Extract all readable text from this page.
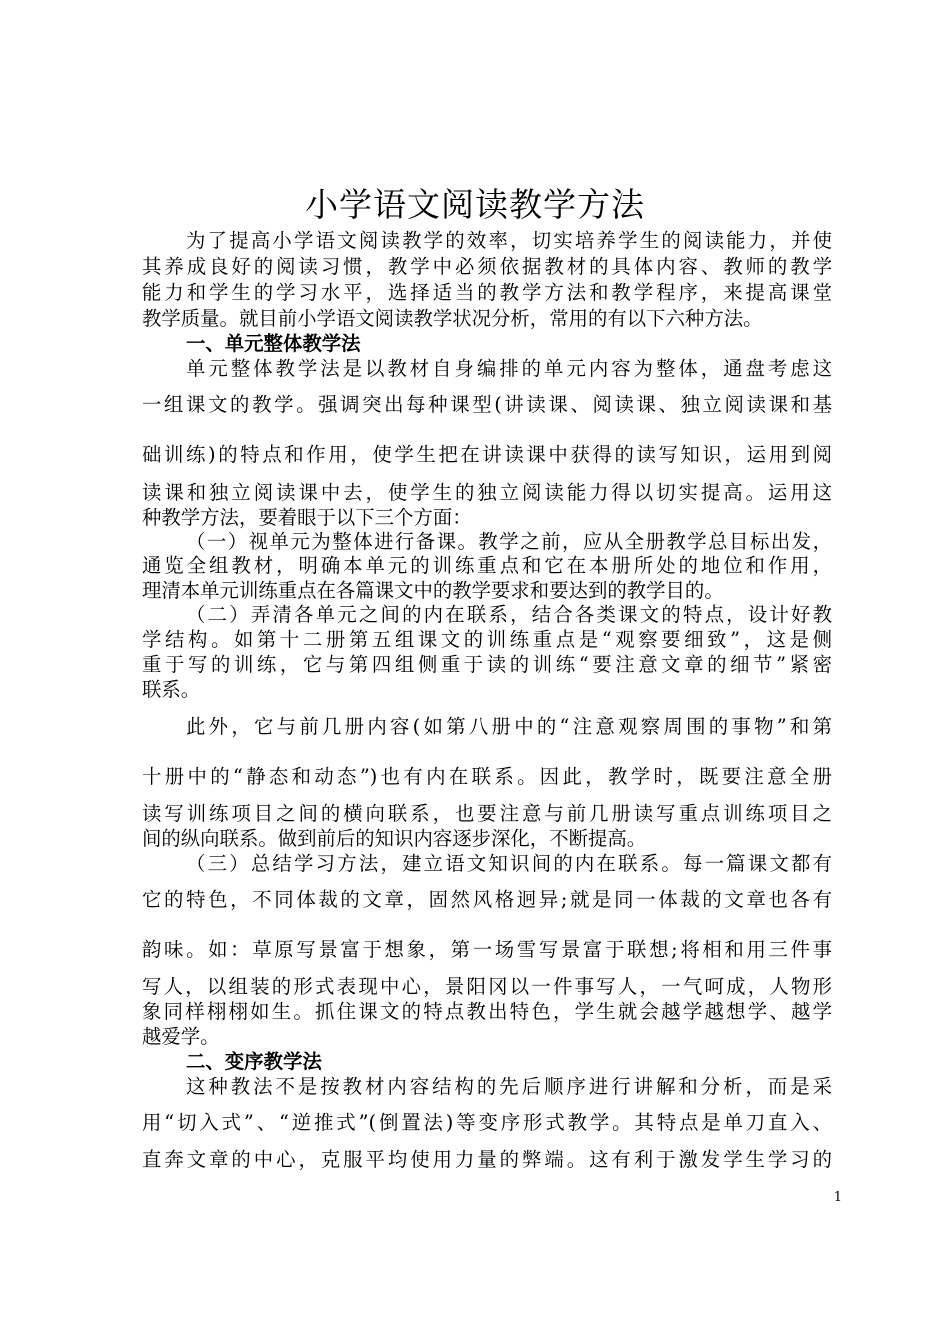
小学语文阅读教学方法
为了提高小学语文阅读教学的效率，切实培养学生的阅读能力，并使
其养成良好的阅读习惯，教学中必须依据教材的具体内容、教师的教学
能力和学生的学习水平，选择适当的教学方法和教学程序，来提高课堂
教学质量。就目前小学语文阅读教学状况分析，常用的有以下六种方法。
一、单元整体教学法
单元整体教学法是以教材自身编排的单元内容为整体，通盘考虑这
一组课文的教学。强调突出每种课型(讲读课、阅读课、独立阅读课和基
础训练)的特点和作用，使学生把在讲读课中获得的读写知识，运用到阅
读课和独立阅读课中去，使学生的独立阅读能力得以切实提高。运用这
种教学方法，要着眼于以下三个方面：
（一）视单元为整体进行备课。教学之前，应从全册教学总目标出发，
通览全组教材，明确本单元的训练重点和它在本册所处的地位和作用，
理清本单元训练重点在各篇课文中的教学要求和要达到的教学目的。
（二）弄清各单元之间的内在联系，结合各类课文的特点，设计好教
学结构。如第十二册第五组课文的训练重点是“观察要细致”，这是侧
重于写的训练，它与第四组侧重于读的训练“要注意文章的细节”紧密
联系。
此外，它与前几册内容(如第八册中的“注意观察周围的事物”和第
十册中的“静态和动态”)也有内在联系。因此，教学时，既要注意全册
读写训练项目之间的横向联系，也要注意与前几册读写重点训练项目之
间的纵向联系。做到前后的知识内容逐步深化，不断提高。
（三）总结学习方法，建立语文知识间的内在联系。每一篇课文都有
它的特色，不同体裁的文章，固然风格迥异;就是同一体裁的文章也各有
韵味。如：草原写景富于想象，第一场雪写景富于联想;将相和用三件事
写人，以组装的形式表现中心，景阳冈以一件事写人，一气呵成，人物形
象同样栩栩如生。抓住课文的特点教出特色，学生就会越学越想学、越学
越爱学。
二、变序教学法
这种教法不是按教材内容结构的先后顺序进行讲解和分析，而是采
用“切入式”、“逆推式”(倒置法)等变序形式教学。其特点是单刀直入、
直奔文章的中心，克服平均使用力量的弊端。这有利于激发学生学习的
1
